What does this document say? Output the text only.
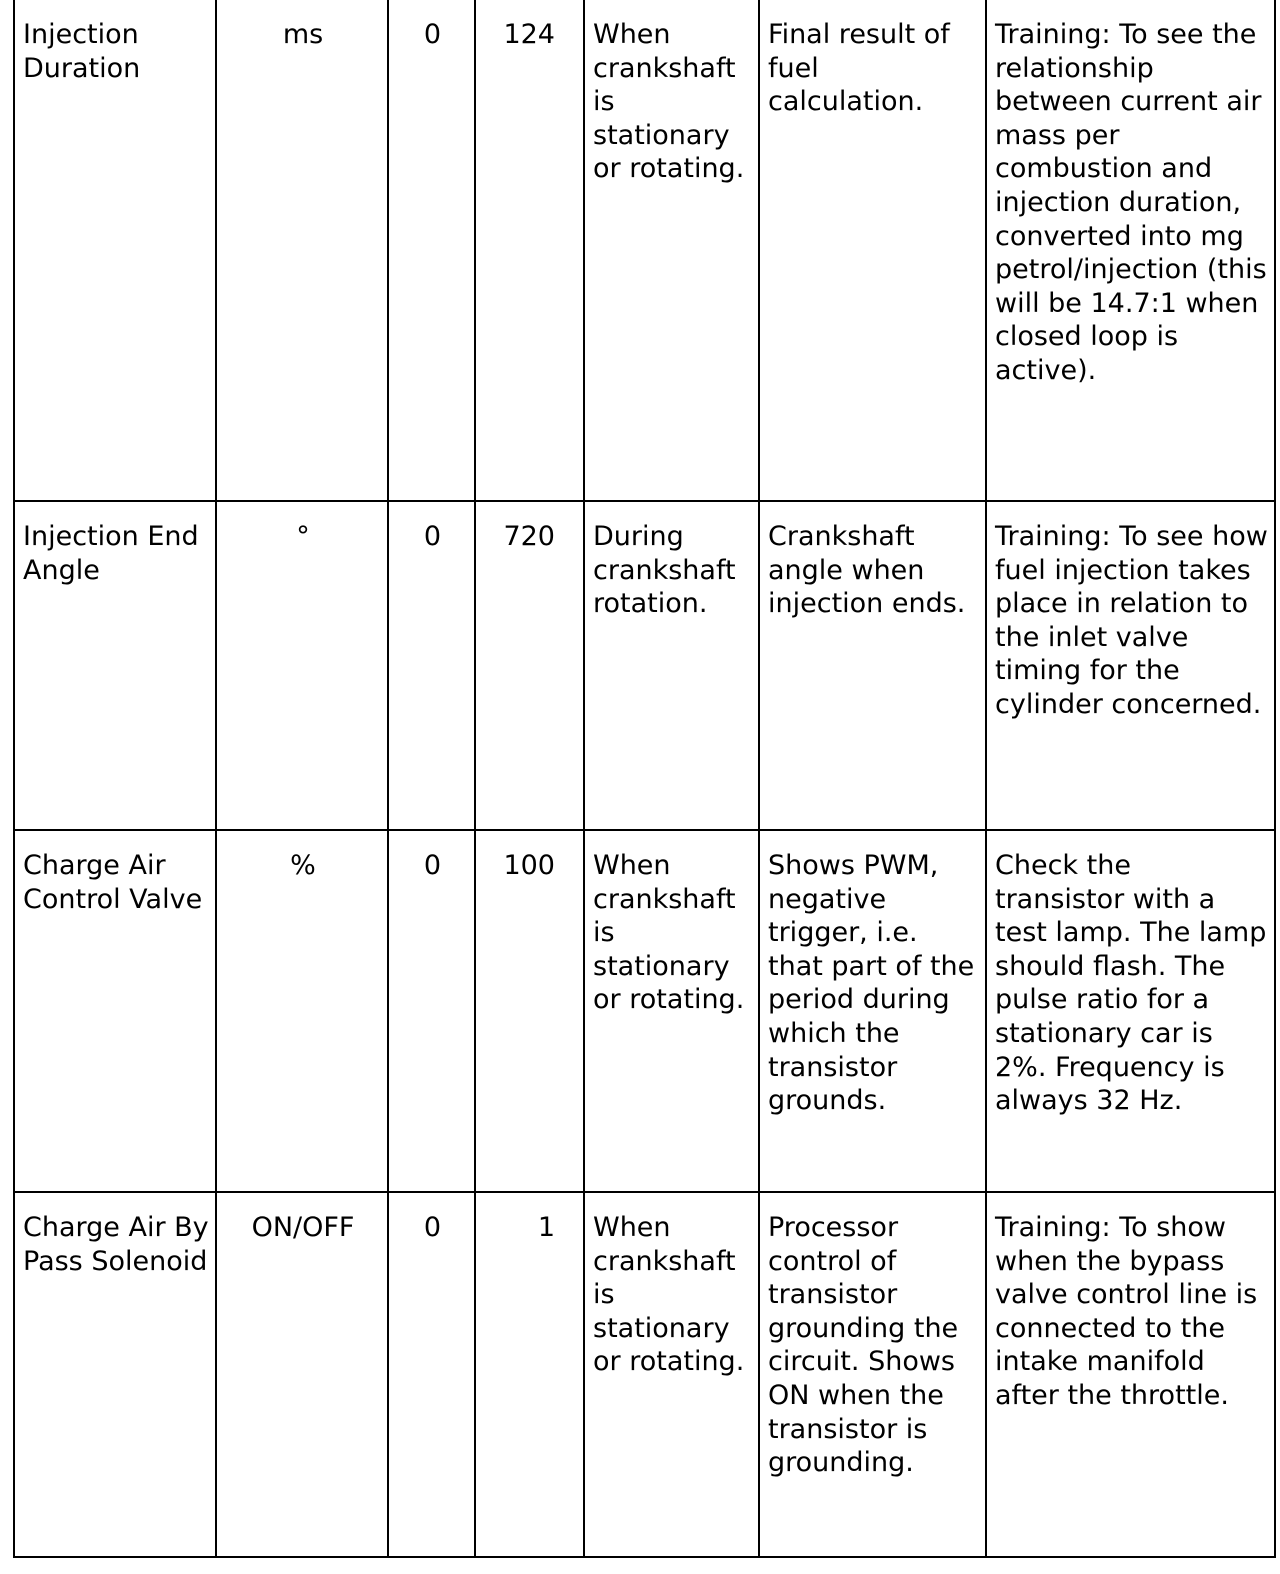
Injection Duration	ms	0	124	When crankshaft is stationary or rotating.	Final result of fuel calculation.	Training: To see the relationship between current air mass per combustion and injection duration, converted into mg petrol/injection (this will be 14.7:1 when closed loop is active).
Injection End Angle	°	0	720	During crankshaft rotation.	Crankshaft angle when injection ends.	Training: To see how fuel injection takes place in relation to the inlet valve timing for the cylinder concerned.
Charge Air Control Valve	%	0	100	When crankshaft is stationary or rotating.	Shows PWM, negative trigger, i.e. that part of the period during which the transistor grounds.	Check the transistor with a test lamp. The lamp should flash. The pulse ratio for a stationary car is 2%. Frequency is always 32 Hz.
Charge Air By Pass Solenoid	ON/OFF	0	1	When crankshaft is stationary or rotating.	Processor control of transistor grounding the circuit. Shows ON when the transistor is grounding.	Training: To show when the bypass valve control line is connected to the intake manifold after the throttle.
